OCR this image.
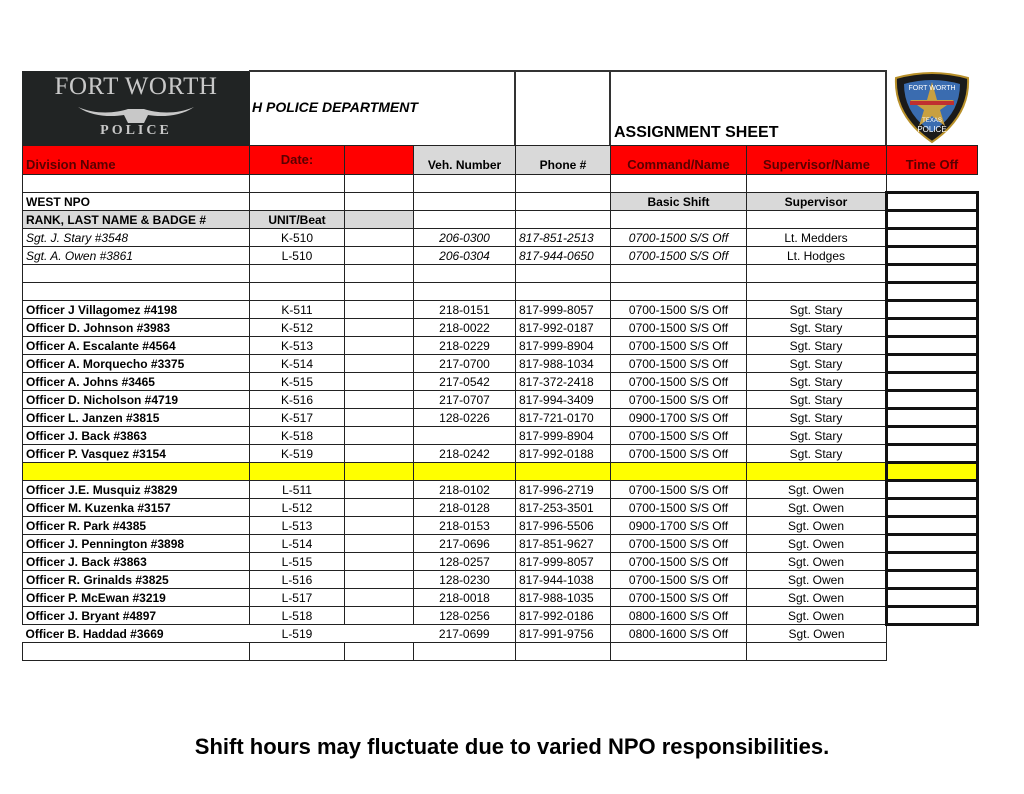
FORT WORTH
POLICE
H POLICE DEPARTMENT
ASSIGNMENT SHEET
FORT WORTH
TEXAS
POLICE
Division Name	Date:		Veh. Number	Phone #	Command/Name	Supervisor/Name	Time Off

WEST NPO					Basic Shift	Supervisor	
RANK, LAST NAME & BADGE #	UNIT/Beat						
Sgt. J. Stary #3548	K-510		206-0300	817-851-2513	0700-1500 S/S Off	Lt. Medders	
Sgt. A. Owen #3861	L-510		206-0304	817-944-0650	0700-1500 S/S Off	Lt. Hodges	

Officer J Villagomez #4198	K-511		218-0151	817-999-8057	0700-1500 S/S Off	Sgt. Stary	
Officer D. Johnson #3983	K-512		218-0022	817-992-0187	0700-1500 S/S Off	Sgt. Stary	
Officer A. Escalante #4564	K-513		218-0229	817-999-8904	0700-1500 S/S Off	Sgt. Stary	
Officer A. Morquecho #3375	K-514		217-0700	817-988-1034	0700-1500 S/S Off	Sgt. Stary	
Officer A. Johns #3465	K-515		217-0542	817-372-2418	0700-1500 S/S Off	Sgt. Stary	
Officer D. Nicholson #4719	K-516		217-0707	817-994-3409	0700-1500 S/S Off	Sgt. Stary	
Officer L. Janzen #3815	K-517		128-0226	817-721-0170	0900-1700 S/S Off	Sgt. Stary	
Officer J. Back #3863	K-518			817-999-8904	0700-1500 S/S Off	Sgt. Stary	
Officer P. Vasquez #3154	K-519		218-0242	817-992-0188	0700-1500 S/S Off	Sgt. Stary	

Officer J.E. Musquiz #3829	L-511		218-0102	817-996-2719	0700-1500 S/S Off	Sgt. Owen	
Officer M. Kuzenka #3157	L-512		218-0128	817-253-3501	0700-1500 S/S Off	Sgt. Owen	
Officer R. Park #4385	L-513		218-0153	817-996-5506	0900-1700 S/S Off	Sgt. Owen	
Officer J. Pennington #3898	L-514		217-0696	817-851-9627	0700-1500 S/S Off	Sgt. Owen	
Officer J. Back #3863	L-515		128-0257	817-999-8057	0700-1500 S/S Off	Sgt. Owen	
Officer R. Grinalds #3825	L-516		128-0230	817-944-1038	0700-1500 S/S Off	Sgt. Owen	
Officer P. McEwan #3219	L-517		218-0018	817-988-1035	0700-1500 S/S Off	Sgt. Owen	
Officer J. Bryant #4897	L-518		128-0256	817-992-0186	0800-1600 S/S Off	Sgt. Owen	
Officer B. Haddad #3669	L-519		217-0699	817-991-9756	0800-1600 S/S Off	Sgt. Owen	

Shift hours may fluctuate due to varied NPO responsibilities.
